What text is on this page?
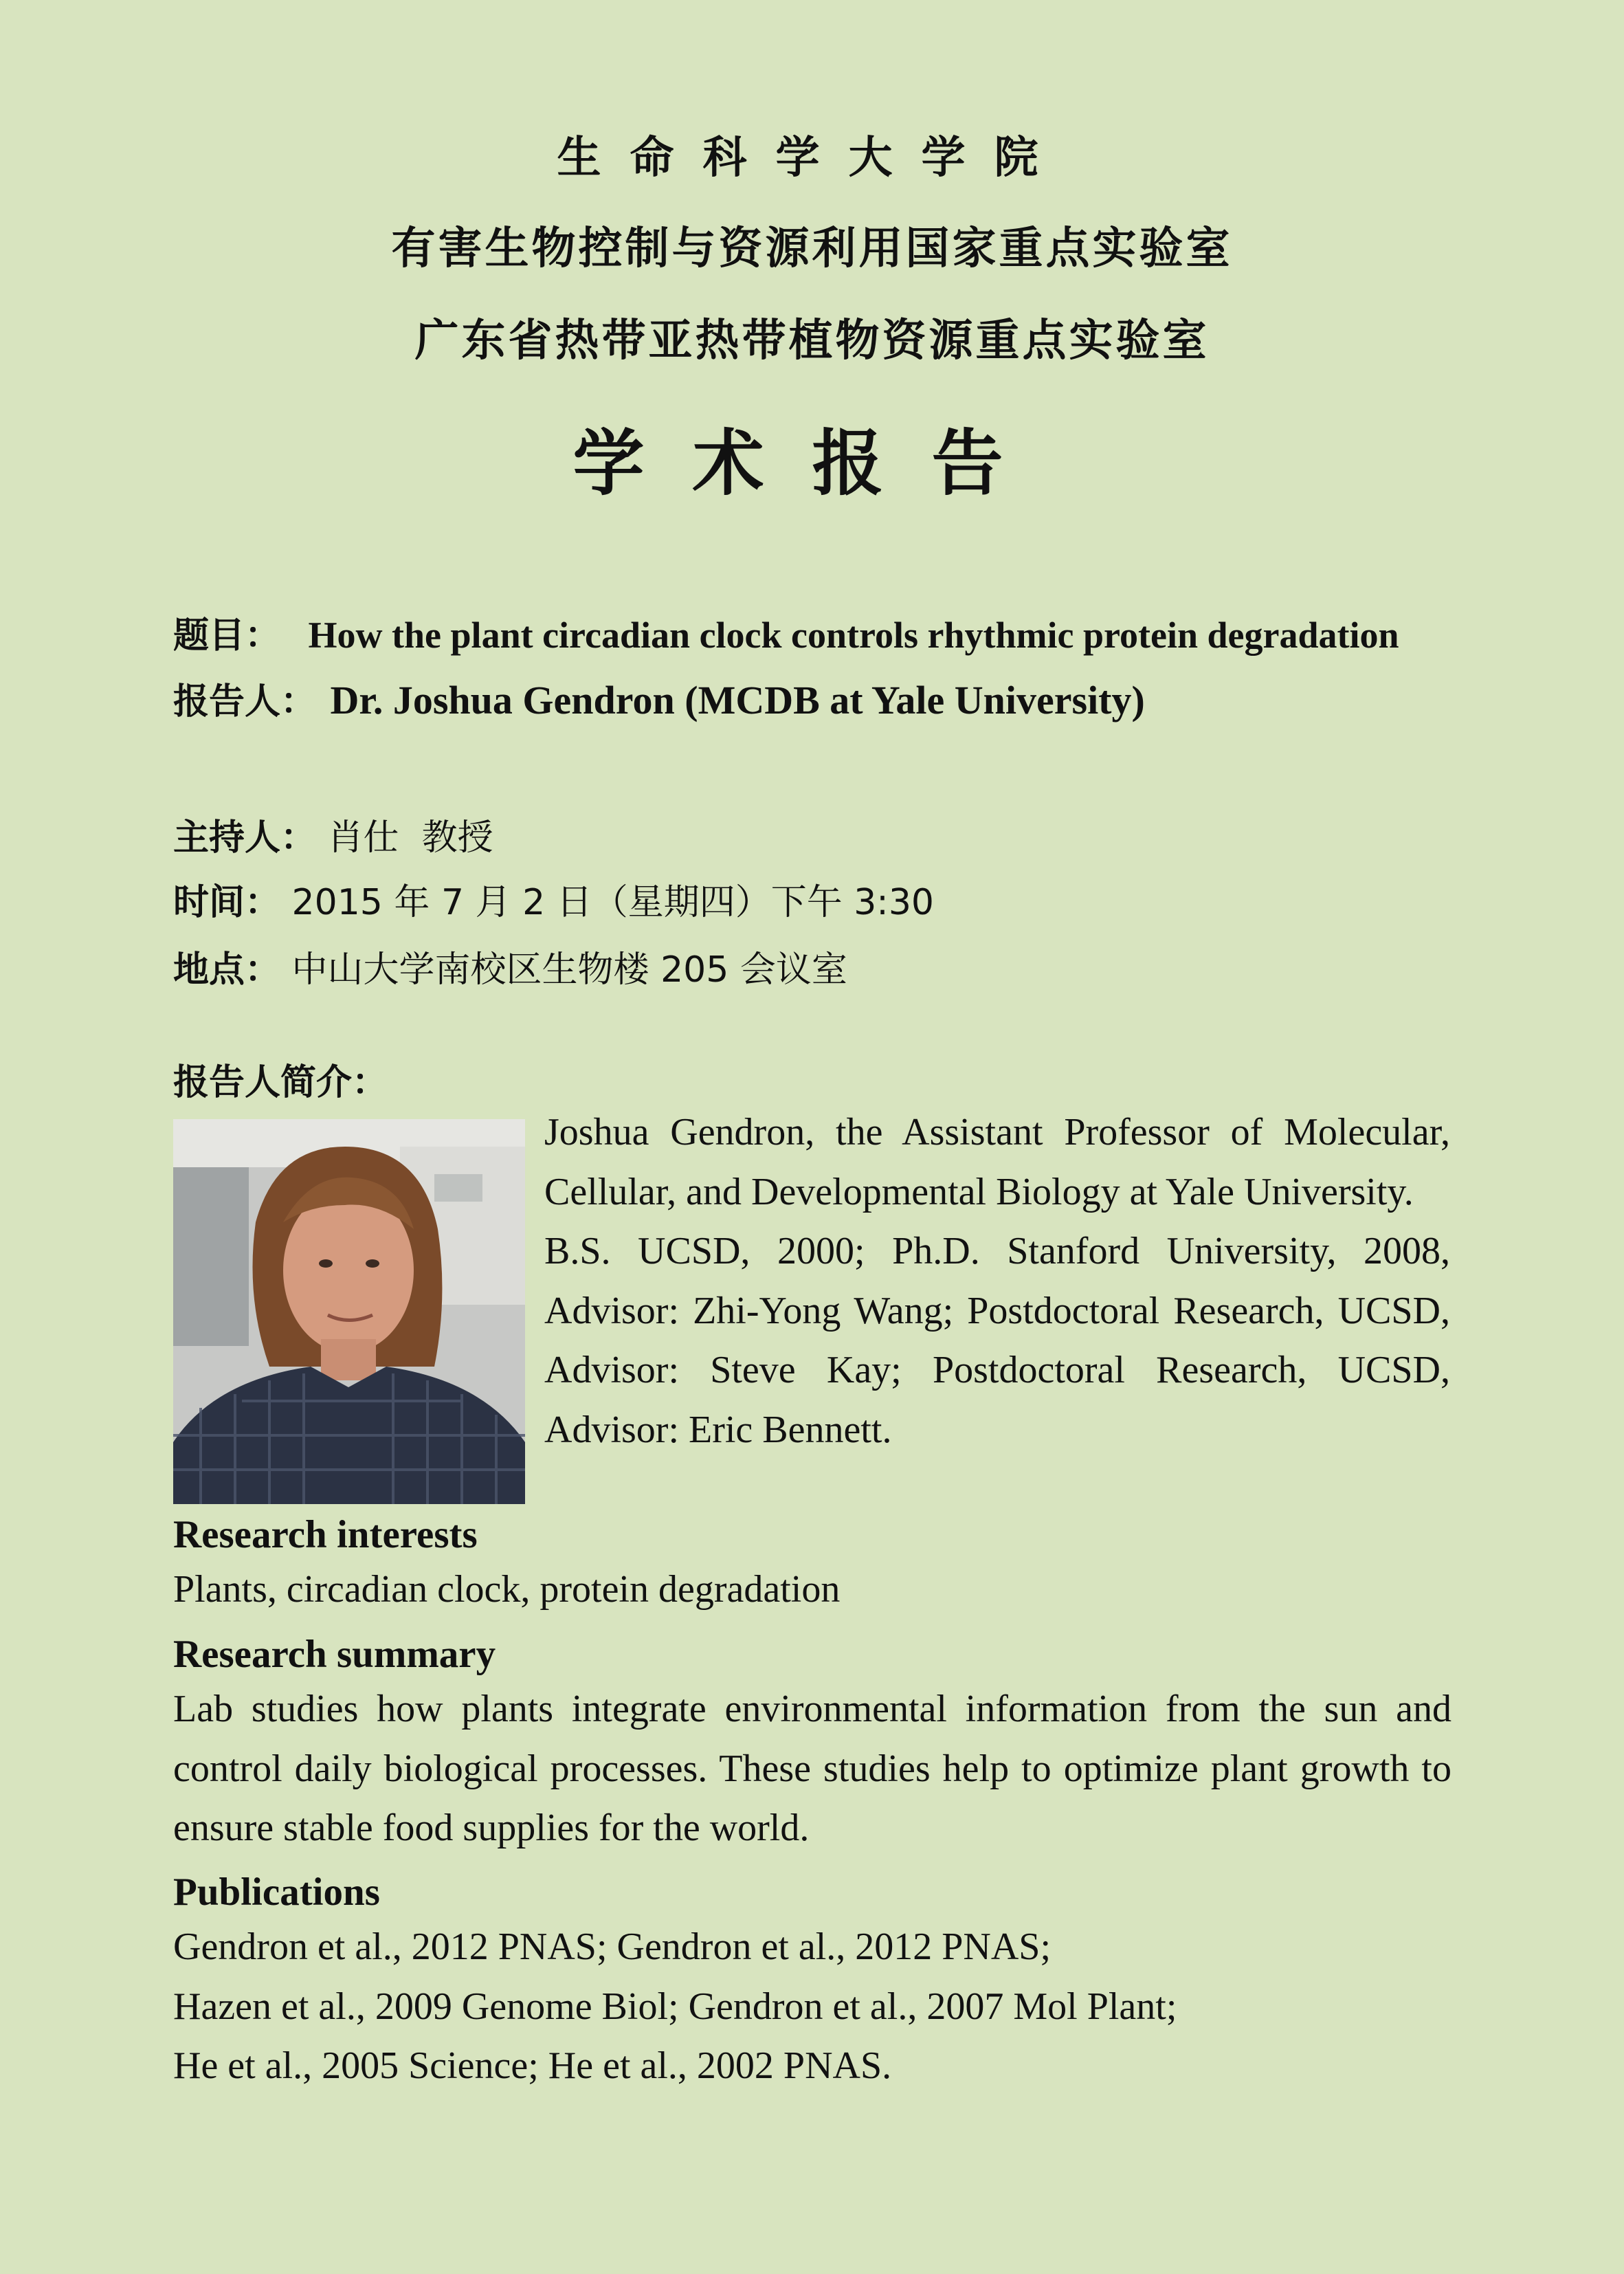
生命科学大学院
有害生物控制与资源利用国家重点实验室
广东省热带亚热带植物资源重点实验室
学术报告
题目： How the plant circadian clock controls rhythmic protein degradation
报告人： Dr. Joshua Gendron (MCDB at Yale University)
主持人： 肖仕  教授
时间： 2015 年 7 月 2 日（星期四）下午 3:30
地点： 中山大学南校区生物楼 205 会议室
报告人简介：

Joshua Gendron, the Assistant Professor of Molecular, Cellular, and Developmental Biology at Yale University.

B.S. UCSD, 2000; Ph.D. Stanford University, 2008, Advisor: Zhi-Yong Wang; Postdoctoral Research, UCSD, Advisor: Steve Kay; Postdoctoral Research, UCSD, Advisor: Eric Bennett.

Research interests
Plants, circadian clock, protein degradation
Research summary
Lab studies how plants integrate environmental information from the sun and control daily biological processes. These studies help to optimize plant growth to ensure stable food supplies for the world.
Publications
Gendron et al., 2012 PNAS; Gendron et al., 2012 PNAS;
Hazen et al., 2009 Genome Biol; Gendron et al., 2007 Mol Plant;
He et al., 2005 Science; He et al., 2002 PNAS.
